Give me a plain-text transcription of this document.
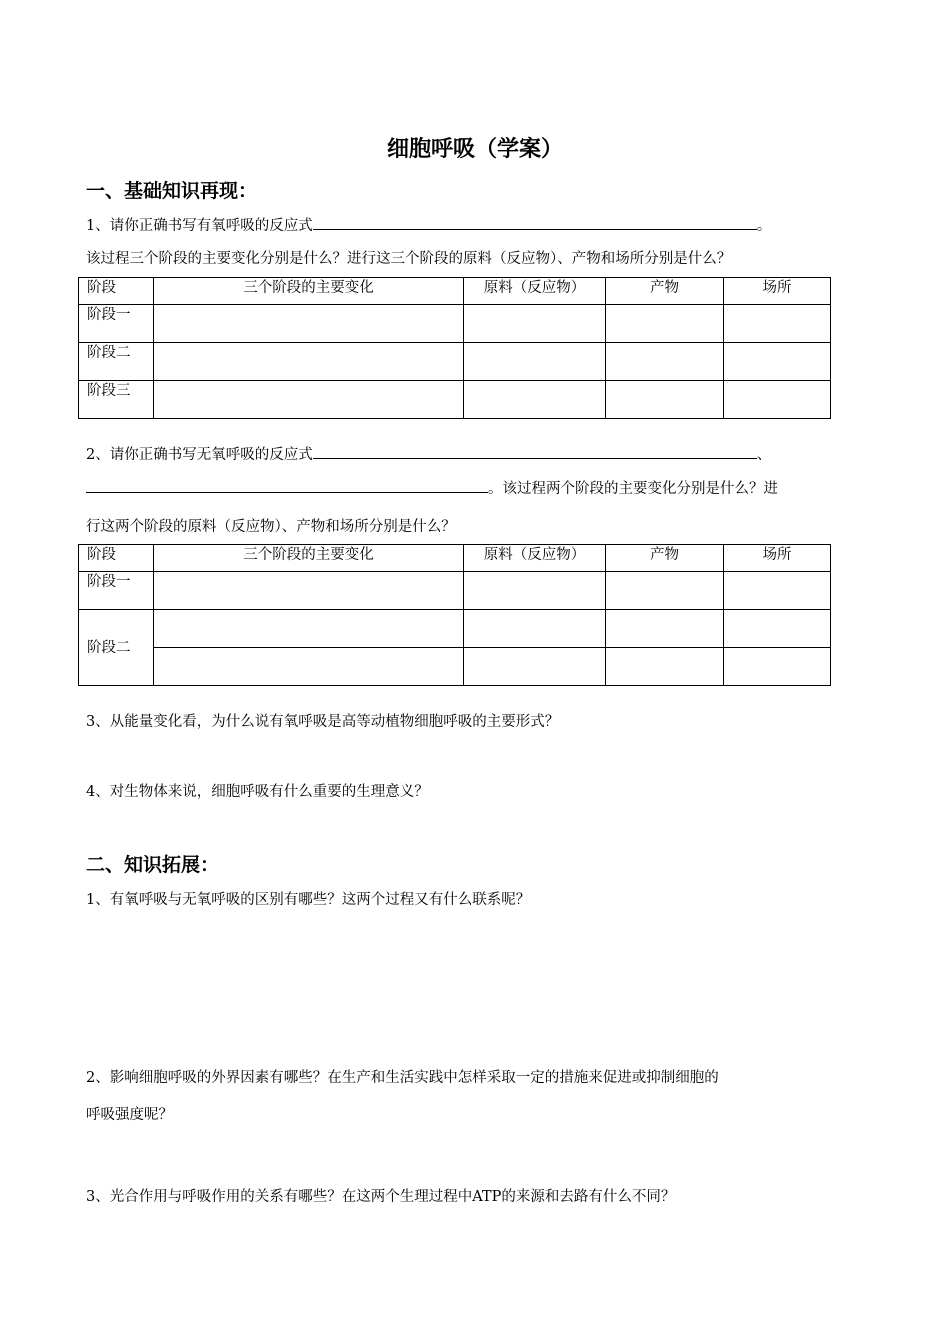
细胞呼吸（学案）
一、基础知识再现：
1、请你正确书写有氧呼吸的反应式	。
该过程三个阶段的主要变化分别是什么？进行这三个阶段的原料（反应物）、产物和场所分别是什么？
阶段	三个阶段的主要变化	原料（反应物）	产物	场所
阶段一				
阶段二				
阶段三				
2、请你正确书写无氧呼吸的反应式	、
。该过程两个阶段的主要变化分别是什么？进
行这两个阶段的原料（反应物）、产物和场所分别是什么？
阶段	三个阶段的主要变化	原料（反应物）	产物	场所
阶段一				
阶段二				

3、从能量变化看，为什么说有氧呼吸是高等动植物细胞呼吸的主要形式？
4、对生物体来说，细胞呼吸有什么重要的生理意义？
二、知识拓展：
1、有氧呼吸与无氧呼吸的区别有哪些？这两个过程又有什么联系呢？
2、影响细胞呼吸的外界因素有哪些？在生产和生活实践中怎样采取一定的措施来促进或抑制细胞的
呼吸强度呢？
3、光合作用与呼吸作用的关系有哪些？在这两个生理过程中ATP的来源和去路有什么不同？
